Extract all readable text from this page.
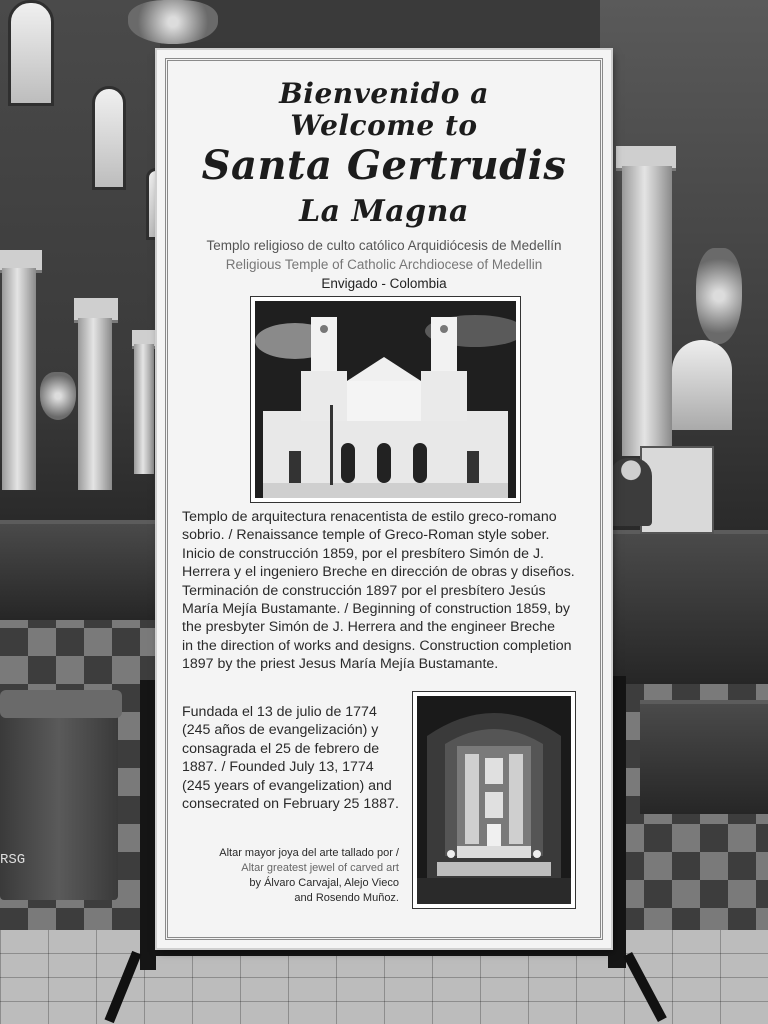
RSG
Bienvenido a
Welcome to
Santa Gertrudis
La Magna
Templo religioso de culto católico Arquidiócesis de Medellín
Religious Temple of Catholic Archdiocese of Medellin
Envigado - Colombia
Templo de arquitectura renacentista de estilo greco-romano
sobrio. / Renaissance temple of Greco-Roman style sober.
Inicio de construcción 1859, por el presbítero Simón de J.
Herrera y el ingeniero Breche en dirección de obras y diseños.
Terminación de construcción 1897 por el presbítero Jesús
María Mejía Bustamante. / Beginning of construction 1859, by
the presbyter Simón de J. Herrera and the engineer Breche
in the direction of works and designs. Construction completion
1897 by the priest Jesus María Mejía Bustamante.
Fundada el 13 de julio de 1774
(245 años de evangelización) y
consagrada el 25 de febrero de
1887. / Founded July 13, 1774
(245 years of evangelization) and
consecrated on February 25 1887.
Altar mayor joya del arte tallado por /
Altar greatest jewel of carved art
by Álvaro Carvajal, Alejo Vieco
and Rosendo Muñoz.
